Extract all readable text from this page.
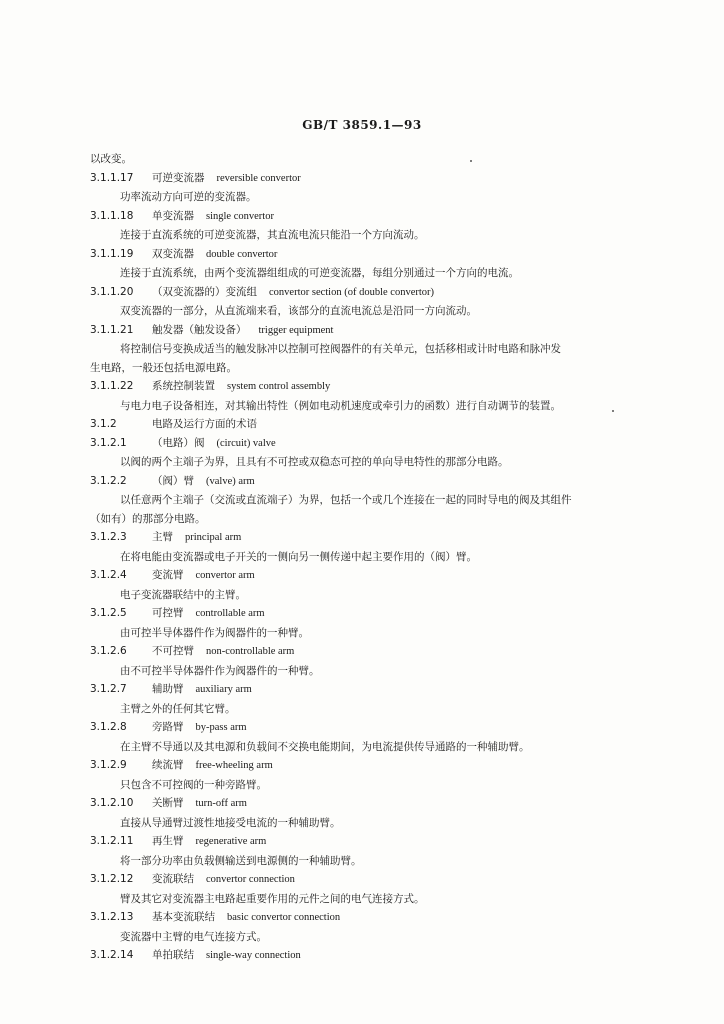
GB/T 3859.1—93
以改变。
3.1.1.17 可逆变流器 reversible convertor
功率流动方向可逆的变流器。
3.1.1.18 单变流器 single convertor
连接于直流系统的可逆变流器，其直流电流只能沿一个方向流动。
3.1.1.19 双变流器 double convertor
连接于直流系统，由两个变流器组组成的可逆变流器，每组分别通过一个方向的电流。
3.1.1.20 （双变流器的）变流组 convertor section (of double convertor)
双变流器的一部分，从直流端来看，该部分的直流电流总是沿同一方向流动。
3.1.1.21 触发器（触发设备） trigger equipment
将控制信号变换成适当的触发脉冲以控制可控阀器件的有关单元，包括移相或计时电路和脉冲发
生电路，一般还包括电源电路。
3.1.1.22 系统控制装置 system control assembly
与电力电子设备相连，对其输出特性（例如电动机速度或牵引力的函数）进行自动调节的装置。
3.1.2	电路及运行方面的术语
3.1.2.1 （电路）阀 (circuit) valve
以阀的两个主端子为界，且具有不可控或双稳态可控的单向导电特性的那部分电路。
3.1.2.2 （阀）臂 (valve) arm
以任意两个主端子（交流或直流端子）为界，包括一个或几个连接在一起的同时导电的阀及其组件
（如有）的那部分电路。
3.1.2.3 主臂 principal arm
在将电能由变流器或电子开关的一侧向另一侧传递中起主要作用的（阀）臂。
3.1.2.4 变流臂 convertor arm
电子变流器联结中的主臂。
3.1.2.5 可控臂 controllable arm
由可控半导体器件作为阀器件的一种臂。
3.1.2.6 不可控臂 non-controllable arm
由不可控半导体器件作为阀器件的一种臂。
3.1.2.7 辅助臂 auxiliary arm
主臂之外的任何其它臂。
3.1.2.8 旁路臂 by-pass arm
在主臂不导通以及其电源和负载间不交换电能期间，为电流提供传导通路的一种辅助臂。
3.1.2.9 续流臂 free-wheeling arm
只包含不可控阀的一种旁路臂。
3.1.2.10 关断臂 turn-off arm
直接从导通臂过渡性地接受电流的一种辅助臂。
3.1.2.11 再生臂 regenerative arm
将一部分功率由负载侧输送到电源侧的一种辅助臂。
3.1.2.12 变流联结 convertor connection
臂及其它对变流器主电路起重要作用的元件之间的电气连接方式。
3.1.2.13 基本变流联结 basic convertor connection
变流器中主臂的电气连接方式。
3.1.2.14 单拍联结 single-way connection
